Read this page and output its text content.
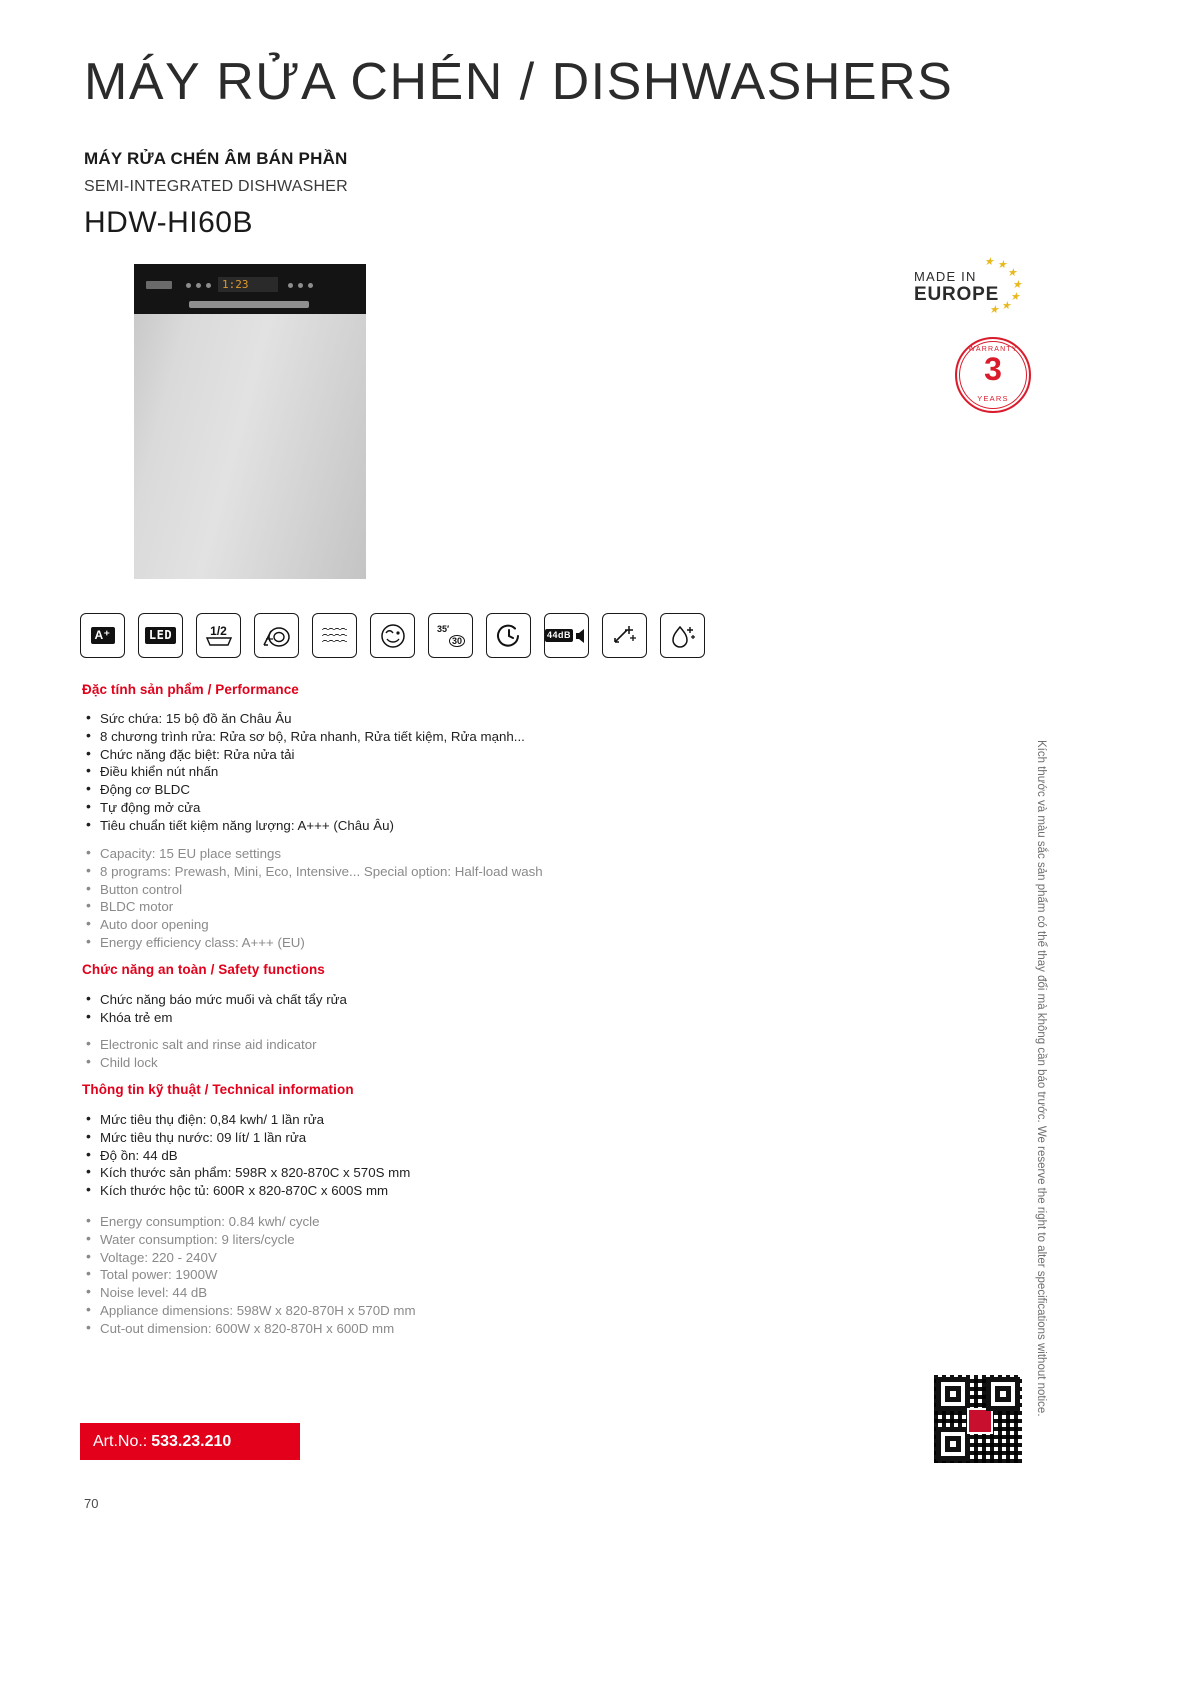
MÁY RỬA CHÉN / DISHWASHERS
MÁY RỬA CHÉN ÂM BÁN PHẦN
SEMI-INTEGRATED DISHWASHER
HDW-HI60B
1:23
★ ★
★
★
★
★
★
MADE IN
EUROPE
WARRANTY
3
YEARS
A⁺	LED	1/2	35′
30
44dB
Đặc tính sản phẩm / Performance
• Sức chứa: 15 bộ đồ ăn Châu Âu
• 8 chương trình rửa: Rửa sơ bộ, Rửa nhanh, Rửa tiết kiệm, Rửa mạnh...
• Chức năng đặc biệt: Rửa nửa tải
• Điều khiển nút nhấn
• Động cơ BLDC
• Tự động mở cửa
• Tiêu chuẩn tiết kiệm năng lượng: A+++ (Châu Âu)
• Capacity: 15 EU place settings
• 8 programs: Prewash, Mini, Eco, Intensive... Special option: Half-load wash
• Button control
• BLDC motor
• Auto door opening
• Energy efficiency class: A+++ (EU)
Chức năng an toàn / Safety functions
• Chức năng báo mức muối và chất tẩy rửa
• Khóa trẻ em
• Electronic salt and rinse aid indicator
• Child lock
Thông tin kỹ thuật / Technical information
• Mức tiêu thụ điện: 0,84 kwh/ 1 lần rửa
• Mức tiêu thụ nước: 09 lít/ 1 lần rửa
• Độ ồn: 44 dB
• Kích thước sản phẩm: 598R x 820-870C x 570S mm
• Kích thước hộc tủ: 600R x 820-870C x 600S mm
• Energy consumption: 0.84 kwh/ cycle
• Water consumption: 9 liters/cycle
• Voltage: 220 - 240V
• Total power: 1900W
• Noise level: 44 dB
• Appliance dimensions: 598W x 820-870H x 570D mm
• Cut-out dimension: 600W x 820-870H x 600D mm
Art.No.: 533.23.210
70
Kích thước và màu sắc sản phẩm có thể thay đổi mà không cần báo trước. We reserve the right to alter specifications without notice.
